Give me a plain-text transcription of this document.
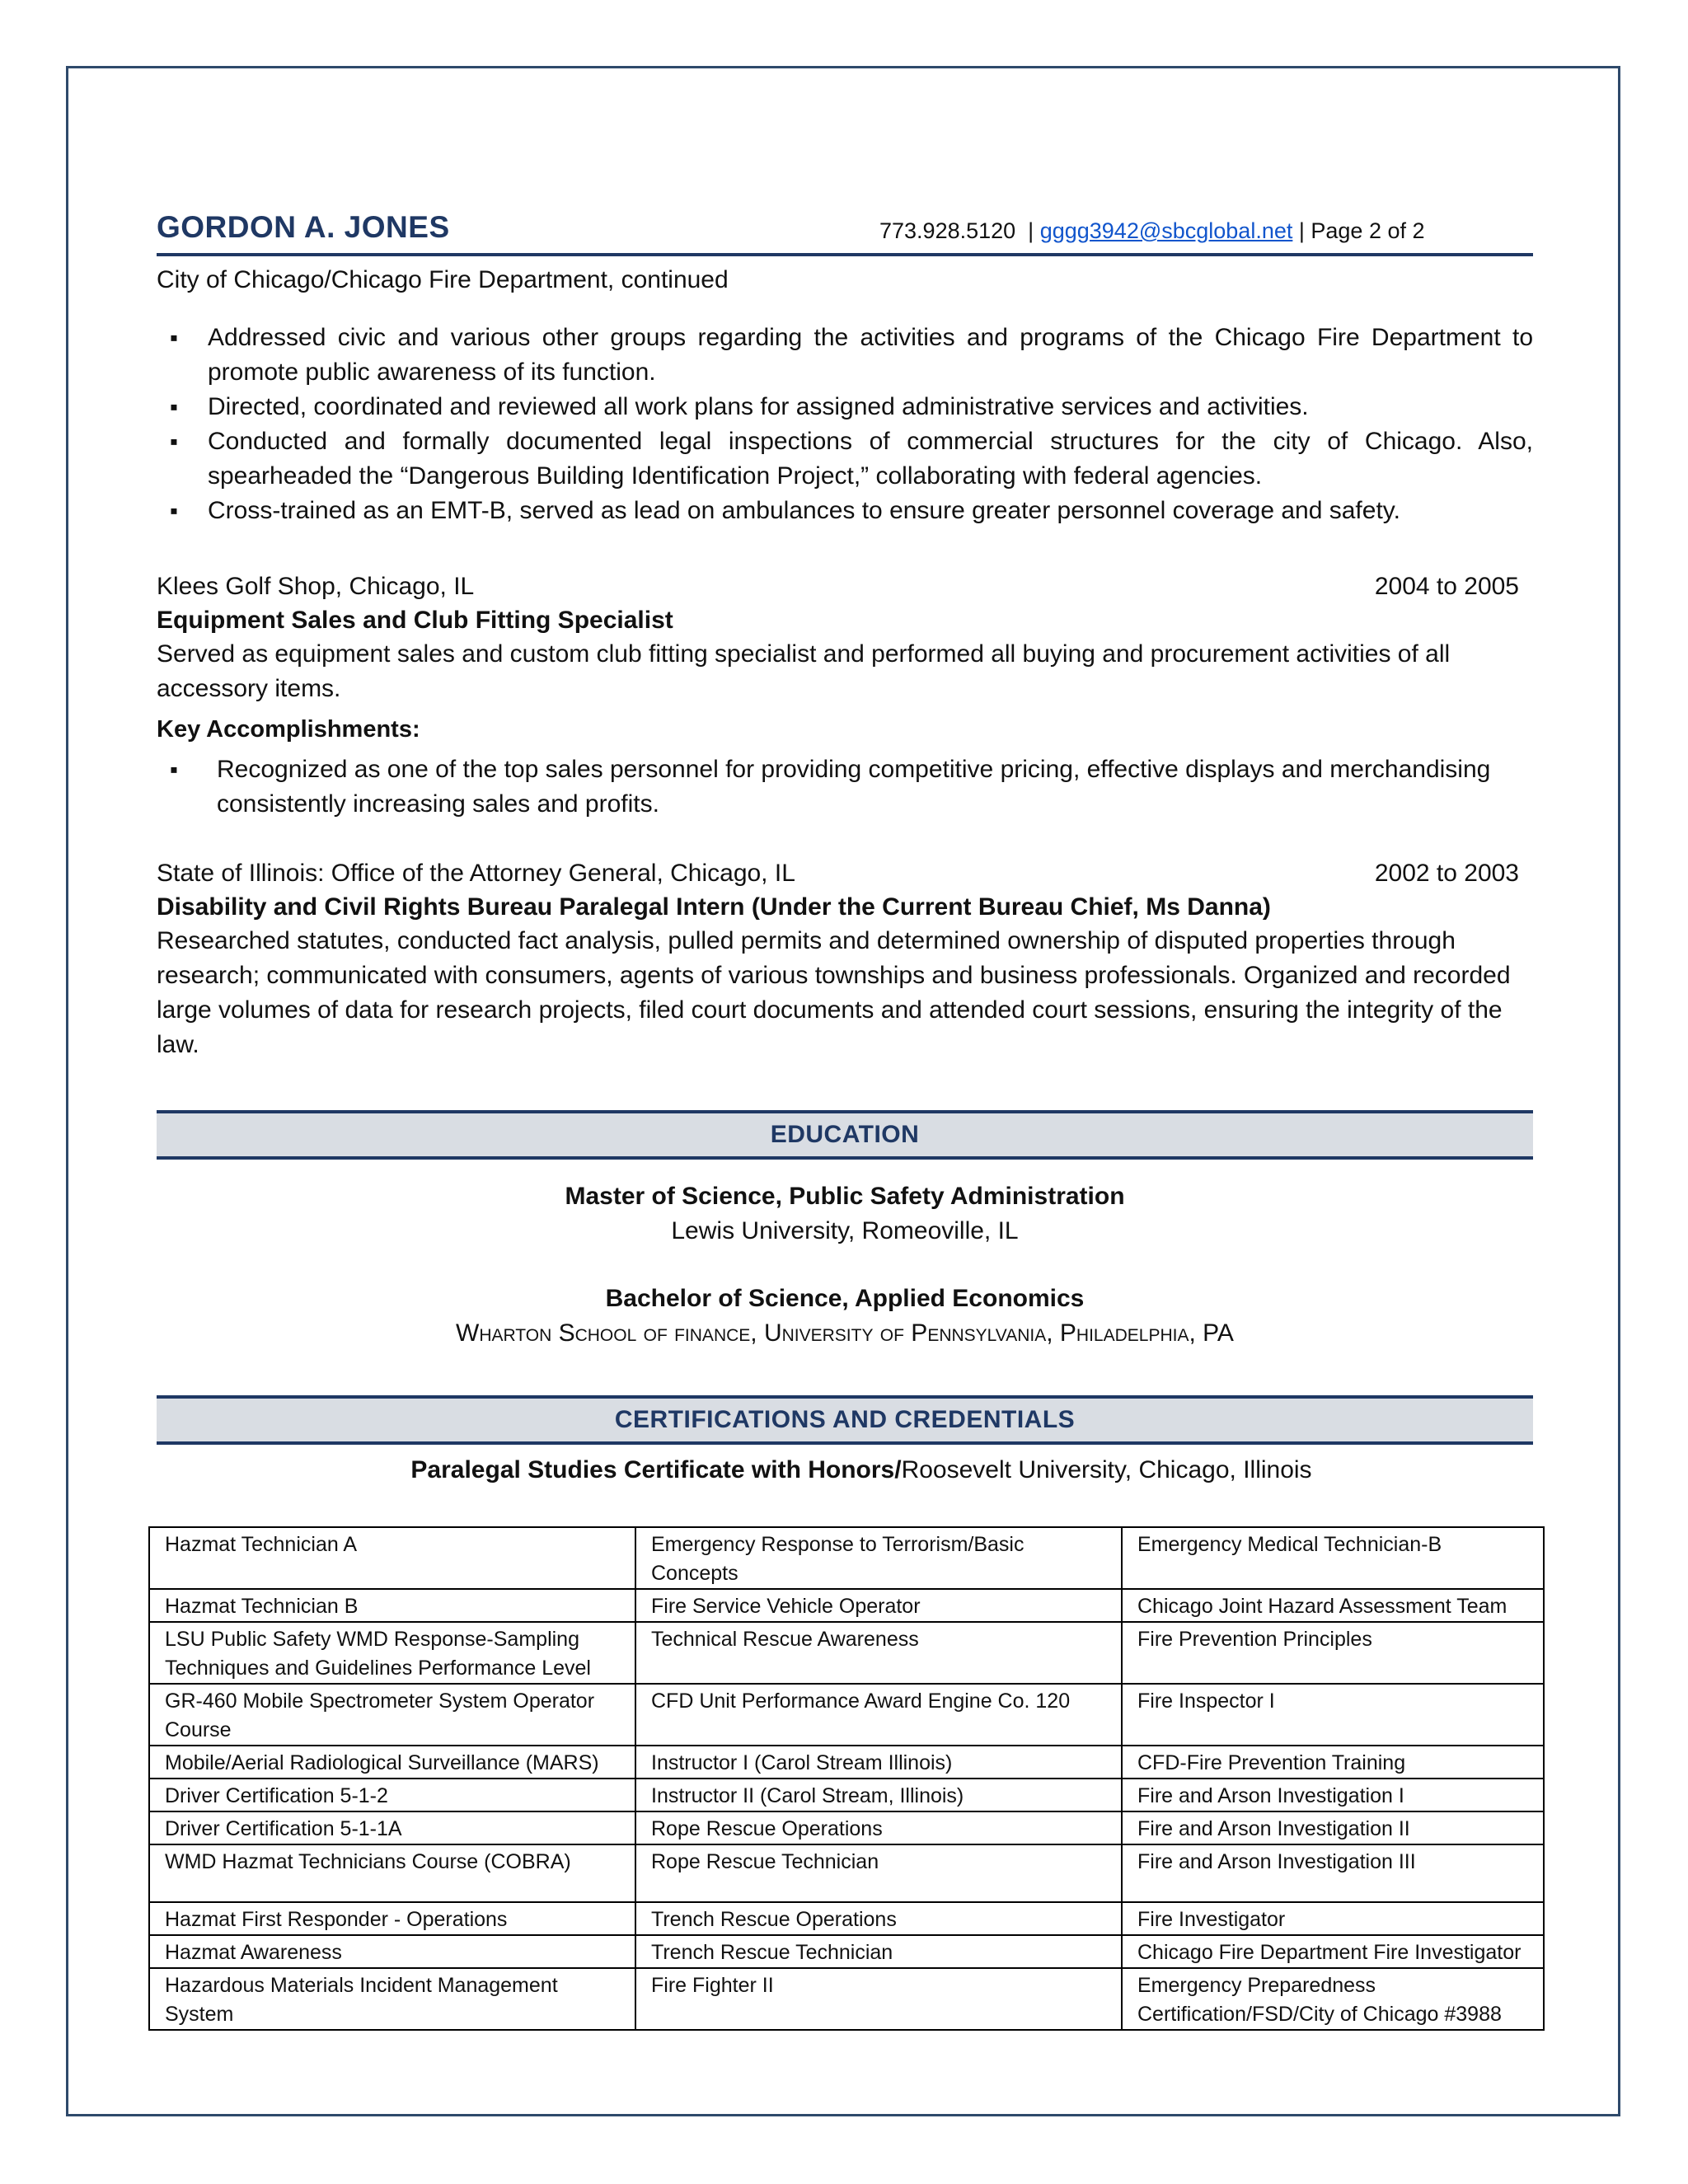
GORDON A. JONES	773.928.5120  | gggg3942@sbcglobal.net | Page 2 of 2
City of Chicago/Chicago Fire Department, continued
▪ Addressed civic and various other groups regarding the activities and programs of the Chicago Fire Department to promote public awareness of its function.
▪ Directed, coordinated and reviewed all work plans for assigned administrative services and activities.
▪ Conducted and formally documented legal inspections of commercial structures for the city of Chicago. Also, spearheaded the “Dangerous Building Identification Project,” collaborating with federal agencies.
▪ Cross-trained as an EMT-B, served as lead on ambulances to ensure greater personnel coverage and safety.
Klees Golf Shop, Chicago, IL	2004 to 2005
Equipment Sales and Club Fitting Specialist
Served as equipment sales and custom club fitting specialist and performed all buying and procurement activities of all accessory items.
Key Accomplishments:
▪ Recognized as one of the top sales personnel for providing competitive pricing, effective displays and merchandising consistently increasing sales and profits.
State of Illinois: Office of the Attorney General, Chicago, IL	2002 to 2003
Disability and Civil Rights Bureau Paralegal Intern (Under the Current Bureau Chief, Ms Danna)
Researched statutes, conducted fact analysis, pulled permits and determined ownership of disputed properties through research; communicated with consumers, agents of various townships and business professionals. Organized and recorded large volumes of data for research projects, filed court documents and attended court sessions, ensuring the integrity of the law.
EDUCATION
Master of Science, Public Safety Administration
Lewis University, Romeoville, IL
Bachelor of Science, Applied Economics
Wharton School of finance, University of Pennsylvania, Philadelphia, PA
CERTIFICATIONS AND CREDENTIALS
Paralegal Studies Certificate with Honors/Roosevelt University, Chicago, Illinois
Hazmat Technician A	Emergency Response to Terrorism/Basic Concepts	Emergency Medical Technician-B
Hazmat Technician B	Fire Service Vehicle Operator	Chicago Joint Hazard Assessment Team
LSU Public Safety WMD Response-Sampling Techniques and Guidelines Performance Level	Technical Rescue Awareness	Fire Prevention Principles
GR-460 Mobile Spectrometer System Operator Course	CFD Unit Performance Award Engine Co. 120	Fire Inspector I
Mobile/Aerial Radiological Surveillance (MARS)	Instructor I (Carol Stream Illinois)	CFD-Fire Prevention Training
Driver Certification 5-1-2	Instructor II (Carol Stream, Illinois)	Fire and Arson Investigation I
Driver Certification 5-1-1A	Rope Rescue Operations	Fire and Arson Investigation II
WMD Hazmat Technicians Course (COBRA)	Rope Rescue Technician	Fire and Arson Investigation III
Hazmat First Responder - Operations	Trench Rescue Operations	Fire Investigator
Hazmat Awareness	Trench Rescue Technician	Chicago Fire Department Fire Investigator
Hazardous Materials Incident Management System	Fire Fighter II	Emergency Preparedness Certification/FSD/City of Chicago #3988
